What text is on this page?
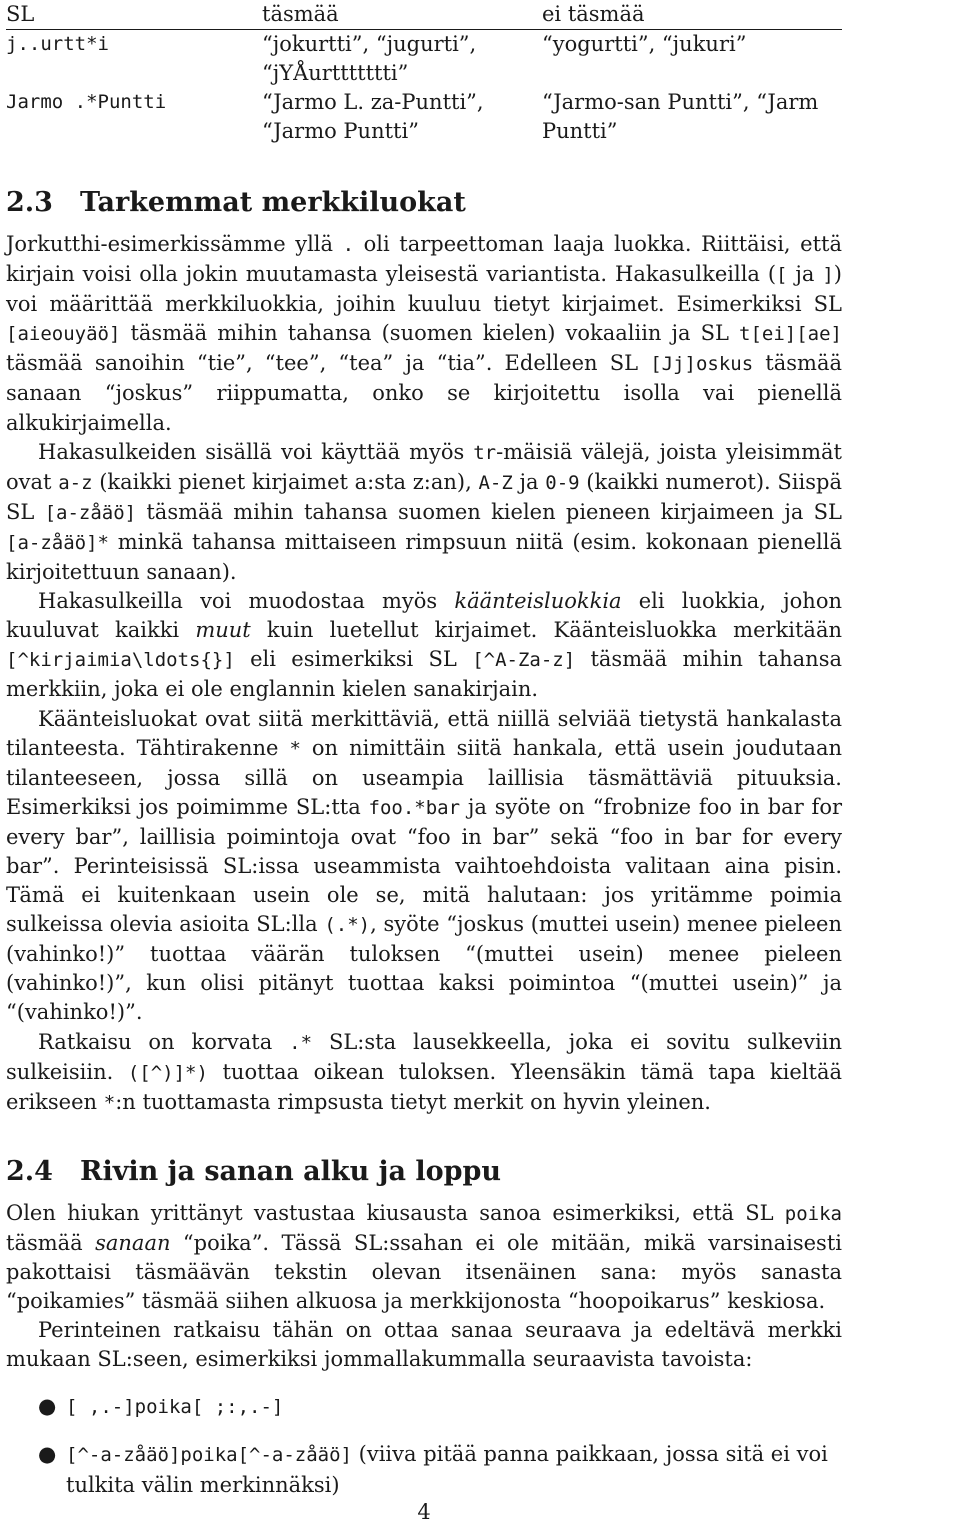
SL	täsmää	ei täsmää
j..urtt*i	“jokurtti”, “jugurti”, “jYÅurttttttti”	“yogurtti”, “jukuri”
Jarmo .*Puntti	“Jarmo L. za-Puntti”, “Jarmo Puntti”	“Jarmo-san Puntti”, “Jarm Puntti”
2.3 Tarkemmat merkkiluokat

Jorkutthi-esimerkissämme yllä . oli tarpeettoman laaja luokka. Riittäisi, että kirjain voisi olla jokin muutamasta yleisestä variantista. Hakasulkeilla ([ ja ]) voi määrittää merkkiluokkia, joihin kuuluu tietyt kirjaimet. Esimerkiksi SL [aieouyäö] täsmää mihin tahansa (suomen kielen) vokaaliin ja SL t[ei][ae] täsmää sanoihin “tie”, “tee”, “tea” ja “tia”. Edelleen SL [Jj]oskus täsmää sanaan “joskus” riippumatta, onko se kirjoitettu isolla vai pienellä alkukirjaimella.

Hakasulkeiden sisällä voi käyttää myös tr-mäisiä välejä, joista yleisimmät ovat a-z (kaikki pienet kirjaimet a:sta z:an), A-Z ja 0-9 (kaikki numerot). Siispä SL [a-zåäö] täsmää mihin tahansa suomen kielen pieneen kirjaimeen ja SL [a-zåäö]* minkä tahansa mittaiseen rimpsuun niitä (esim. kokonaan pienellä kirjoitettuun sanaan).

Hakasulkeilla voi muodostaa myös käänteisluokkia eli luokkia, johon kuuluvat kaikki muut kuin luetellut kirjaimet. Käänteisluokka merkitään [^kirjaimia\ldots{}] eli esimerkiksi SL [^A-Za-z] täsmää mihin tahansa merkkiin, joka ei ole englannin kielen sanakirjain.

Käänteisluokat ovat siitä merkittäviä, että niillä selviää tietystä hankalasta tilanteesta. Tähtirakenne * on nimittäin siitä hankala, että usein joudutaan tilanteeseen, jossa sillä on useampia laillisia täsmättäviä pituuksia. Esimerkiksi jos poimimme SL:tta foo.*bar ja syöte on “frobnize foo in bar for every bar”, laillisia poimintoja ovat “foo in bar” sekä “foo in bar for every bar”. Perinteisissä SL:issa useammista vaihtoehdoista valitaan aina pisin. Tämä ei kuitenkaan usein ole se, mitä halutaan: jos yritämme poimia sulkeissa olevia asioita SL:lla (.*), syöte “joskus (muttei usein) menee pieleen (vahinko!)” tuottaa väärän tuloksen “(muttei usein) menee pieleen (vahinko!)”, kun olisi pitänyt tuottaa kaksi poimintoa “(muttei usein)” ja “(vahinko!)”.

Ratkaisu on korvata .* SL:sta lausekkeella, joka ei sovitu sulkeviin sulkeisiin. ([^)]*) tuottaa oikean tuloksen. Yleensäkin tämä tapa kieltää erikseen *:n tuottamasta rimpsusta tietyt merkit on hyvin yleinen.

2.4 Rivin ja sanan alku ja loppu

Olen hiukan yrittänyt vastustaa kiusausta sanoa esimerkiksi, että SL poika täsmää sanaan “poika”. Tässä SL:ssahan ei ole mitään, mikä varsinaisesti pakottaisi täsmäävän tekstin olevan itsenäinen sana: myös sanasta “poikamies” täsmää siihen alkuosa ja merkkijonosta “hoopoikarus” keskiosa.

Perinteinen ratkaisu tähän on ottaa sanaa seuraava ja edeltävä merkki mukaan SL:seen, esimerkiksi jommallakummalla seuraavista tavoista:

● [ ,.-]poika[ ;:,.-]
● [^-a-zåäö]poika[^-a-zåäö] (viiva pitää panna paikkaan, jossa sitä ei voi tulkita välin merkinnäksi)
4
